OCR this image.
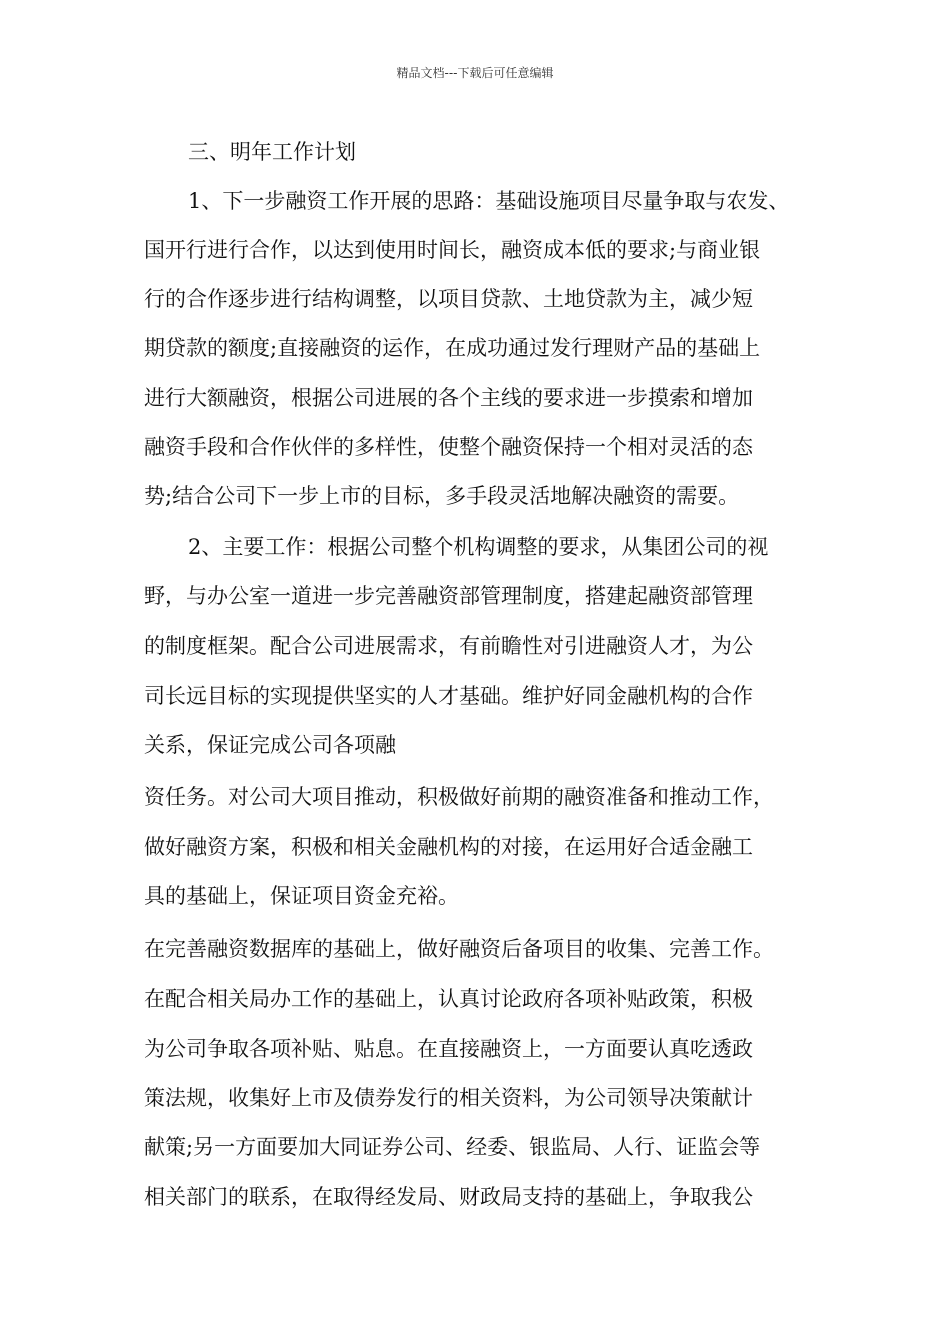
精品文档---下载后可任意编辑
三、明年工作计划
1、下一步融资工作开展的思路：基础设施项目尽量争取与农发、
国开行进行合作，以达到使用时间长，融资成本低的要求;与商业银
行的合作逐步进行结构调整，以项目贷款、土地贷款为主，减少短
期贷款的额度;直接融资的运作，在成功通过发行理财产品的基础上
进行大额融资，根据公司进展的各个主线的要求进一步摸索和增加
融资手段和合作伙伴的多样性，使整个融资保持一个相对灵活的态
势;结合公司下一步上市的目标，多手段灵活地解决融资的需要。
2、主要工作：根据公司整个机构调整的要求，从集团公司的视
野，与办公室一道进一步完善融资部管理制度，搭建起融资部管理
的制度框架。配合公司进展需求，有前瞻性对引进融资人才，为公
司长远目标的实现提供坚实的人才基础。维护好同金融机构的合作
关系，保证完成公司各项融
资任务。对公司大项目推动，积极做好前期的融资准备和推动工作，
做好融资方案，积极和相关金融机构的对接，在运用好合适金融工
具的基础上，保证项目资金充裕。
在完善融资数据库的基础上，做好融资后备项目的收集、完善工作。
在配合相关局办工作的基础上，认真讨论政府各项补贴政策，积极
为公司争取各项补贴、贴息。在直接融资上，一方面要认真吃透政
策法规，收集好上市及债券发行的相关资料，为公司领导决策献计
献策;另一方面要加大同证券公司、经委、银监局、人行、证监会等
相关部门的联系，在取得经发局、财政局支持的基础上，争取我公
